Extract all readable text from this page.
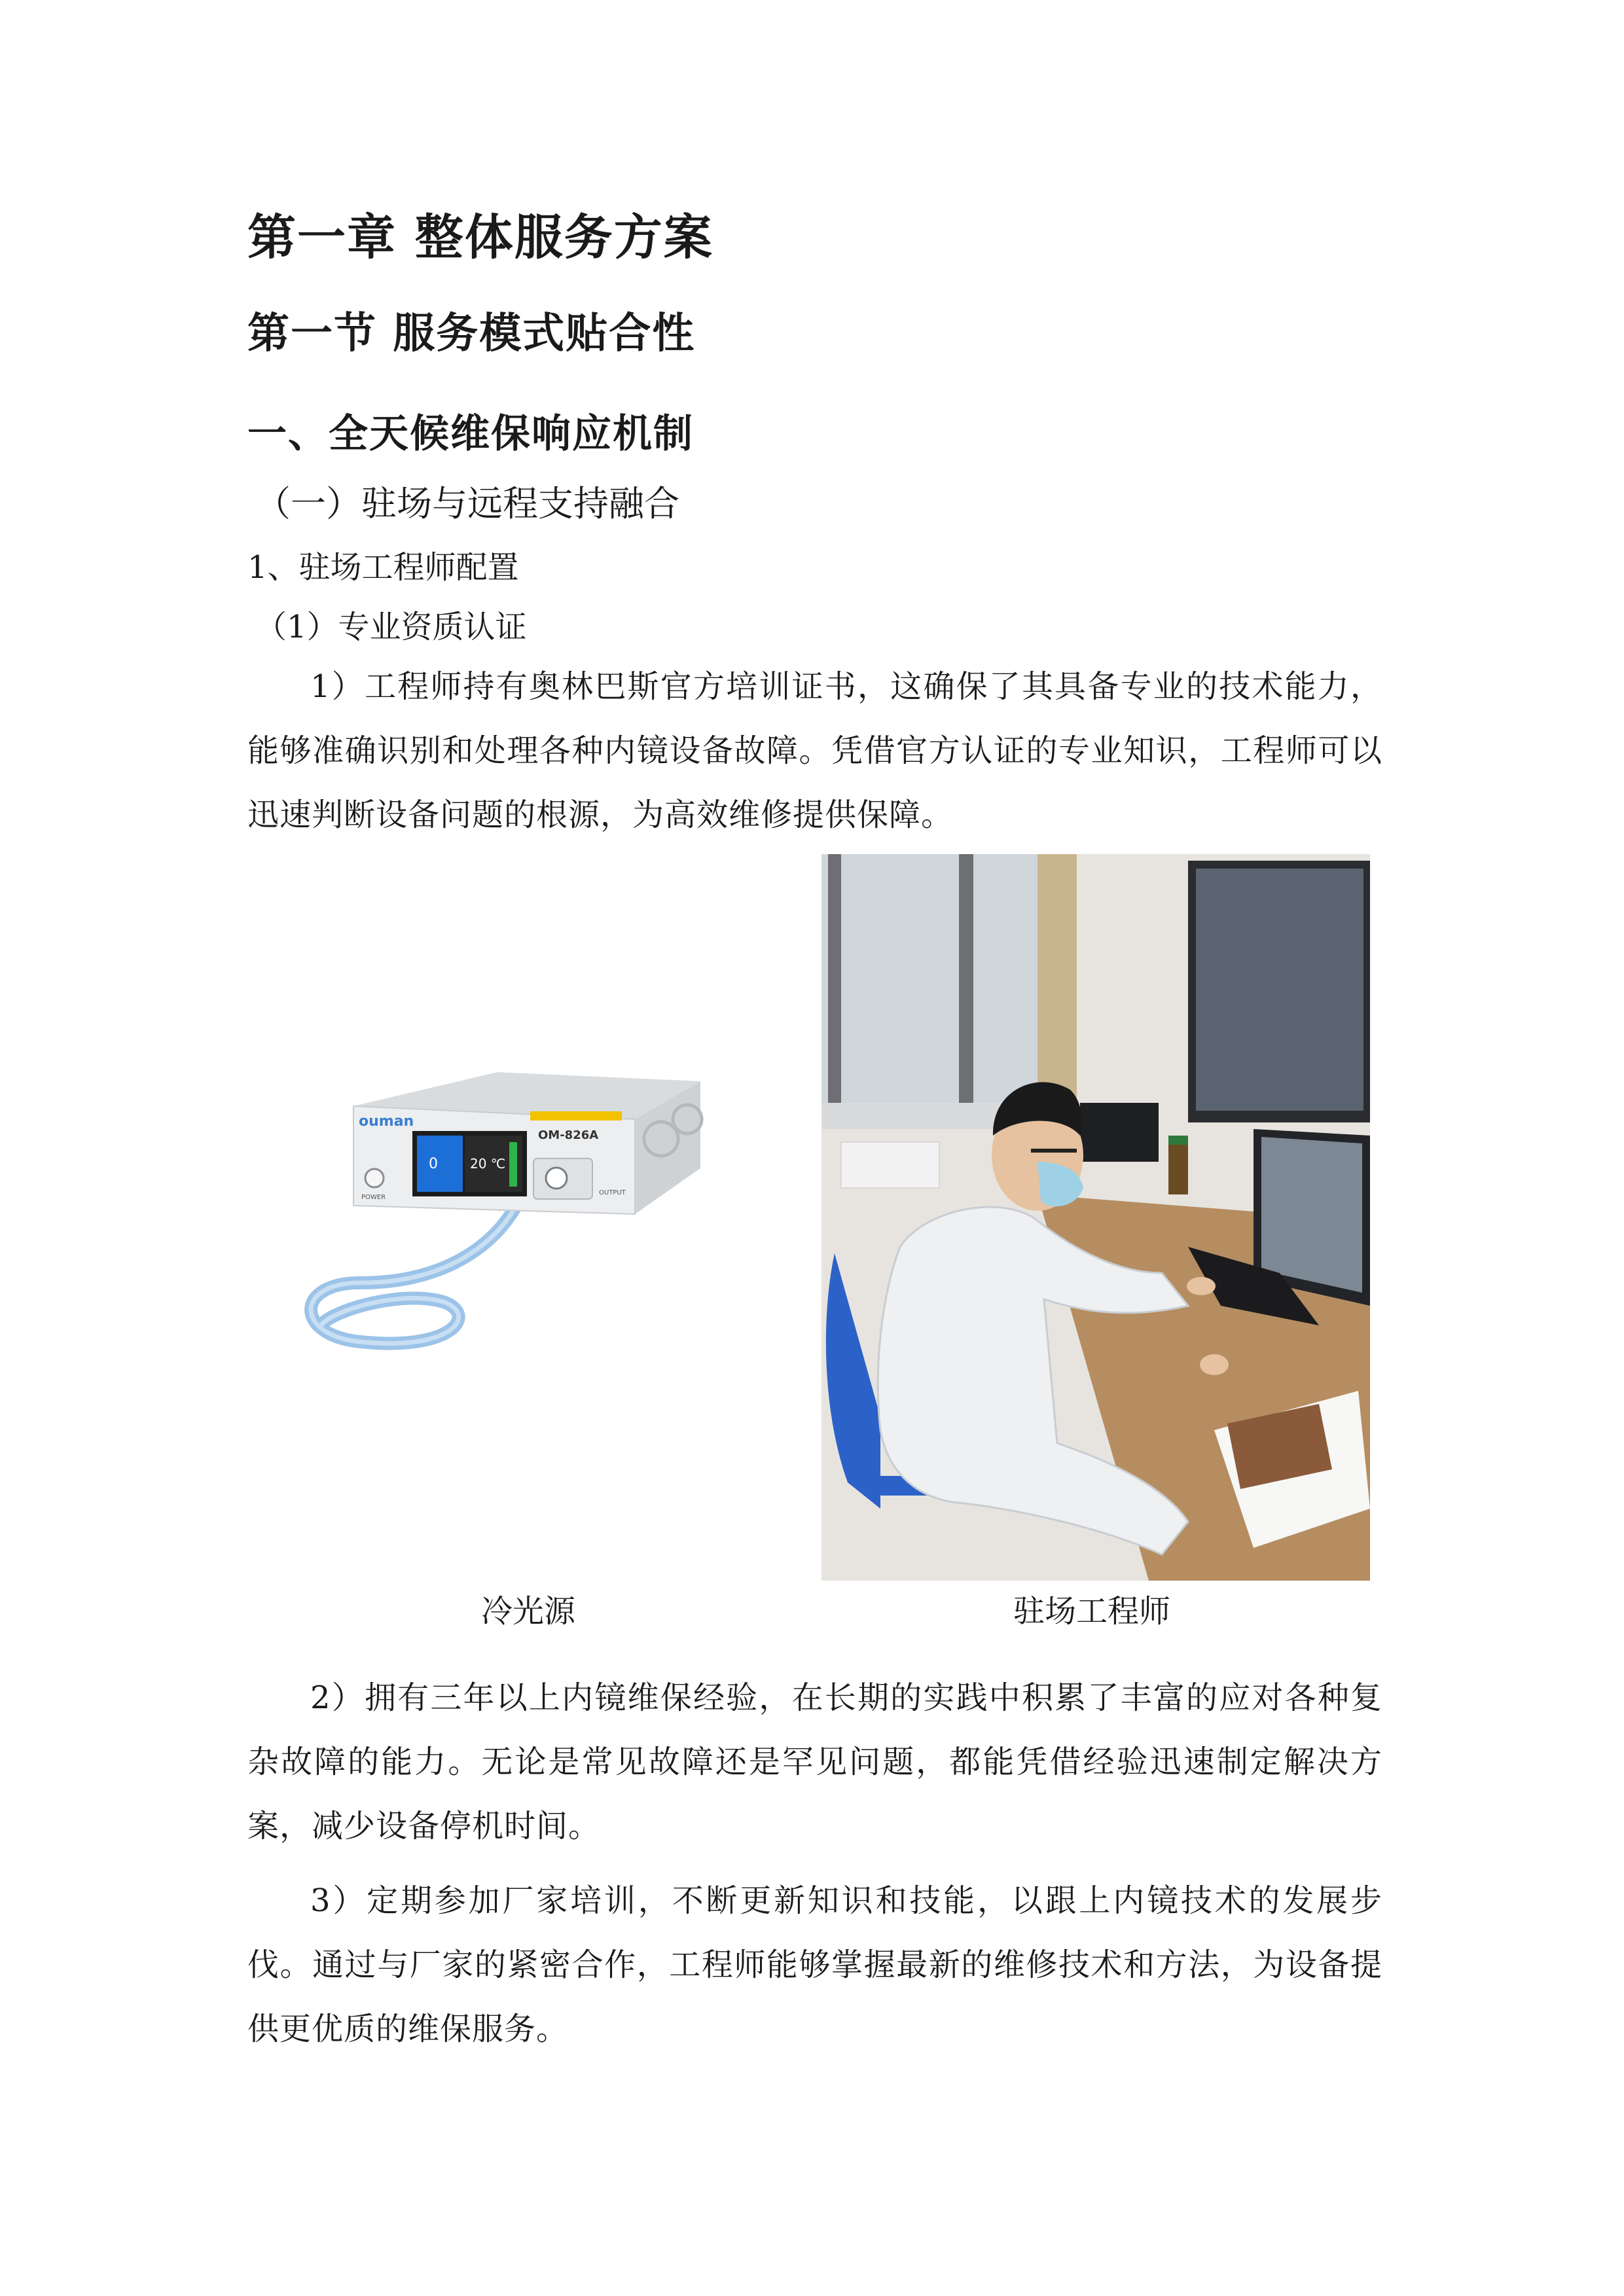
第一章 整体服务方案
第一节 服务模式贴合性
一、全天候维保响应机制
（一）驻场与远程支持融合
1、驻场工程师配置
（1）专业资质认证

1）工程师持有奥林巴斯官方培训证书，这确保了其具备专业的技术能力，能够准确识别和处理各种内镜设备故障。凭借官方认证的专业知识，工程师可以迅速判断设备问题的根源，为高效维修提供保障。

0 20 ℃
ouman
OM-826A
POWER
OUTPUT
冷光源	驻场工程师

2）拥有三年以上内镜维保经验，在长期的实践中积累了丰富的应对各种复杂故障的能力。无论是常见故障还是罕见问题，都能凭借经验迅速制定解决方案，减少设备停机时间。

3）定期参加厂家培训，不断更新知识和技能，以跟上内镜技术的发展步伐。通过与厂家的紧密合作，工程师能够掌握最新的维修技术和方法，为设备提供更优质的维保服务。
